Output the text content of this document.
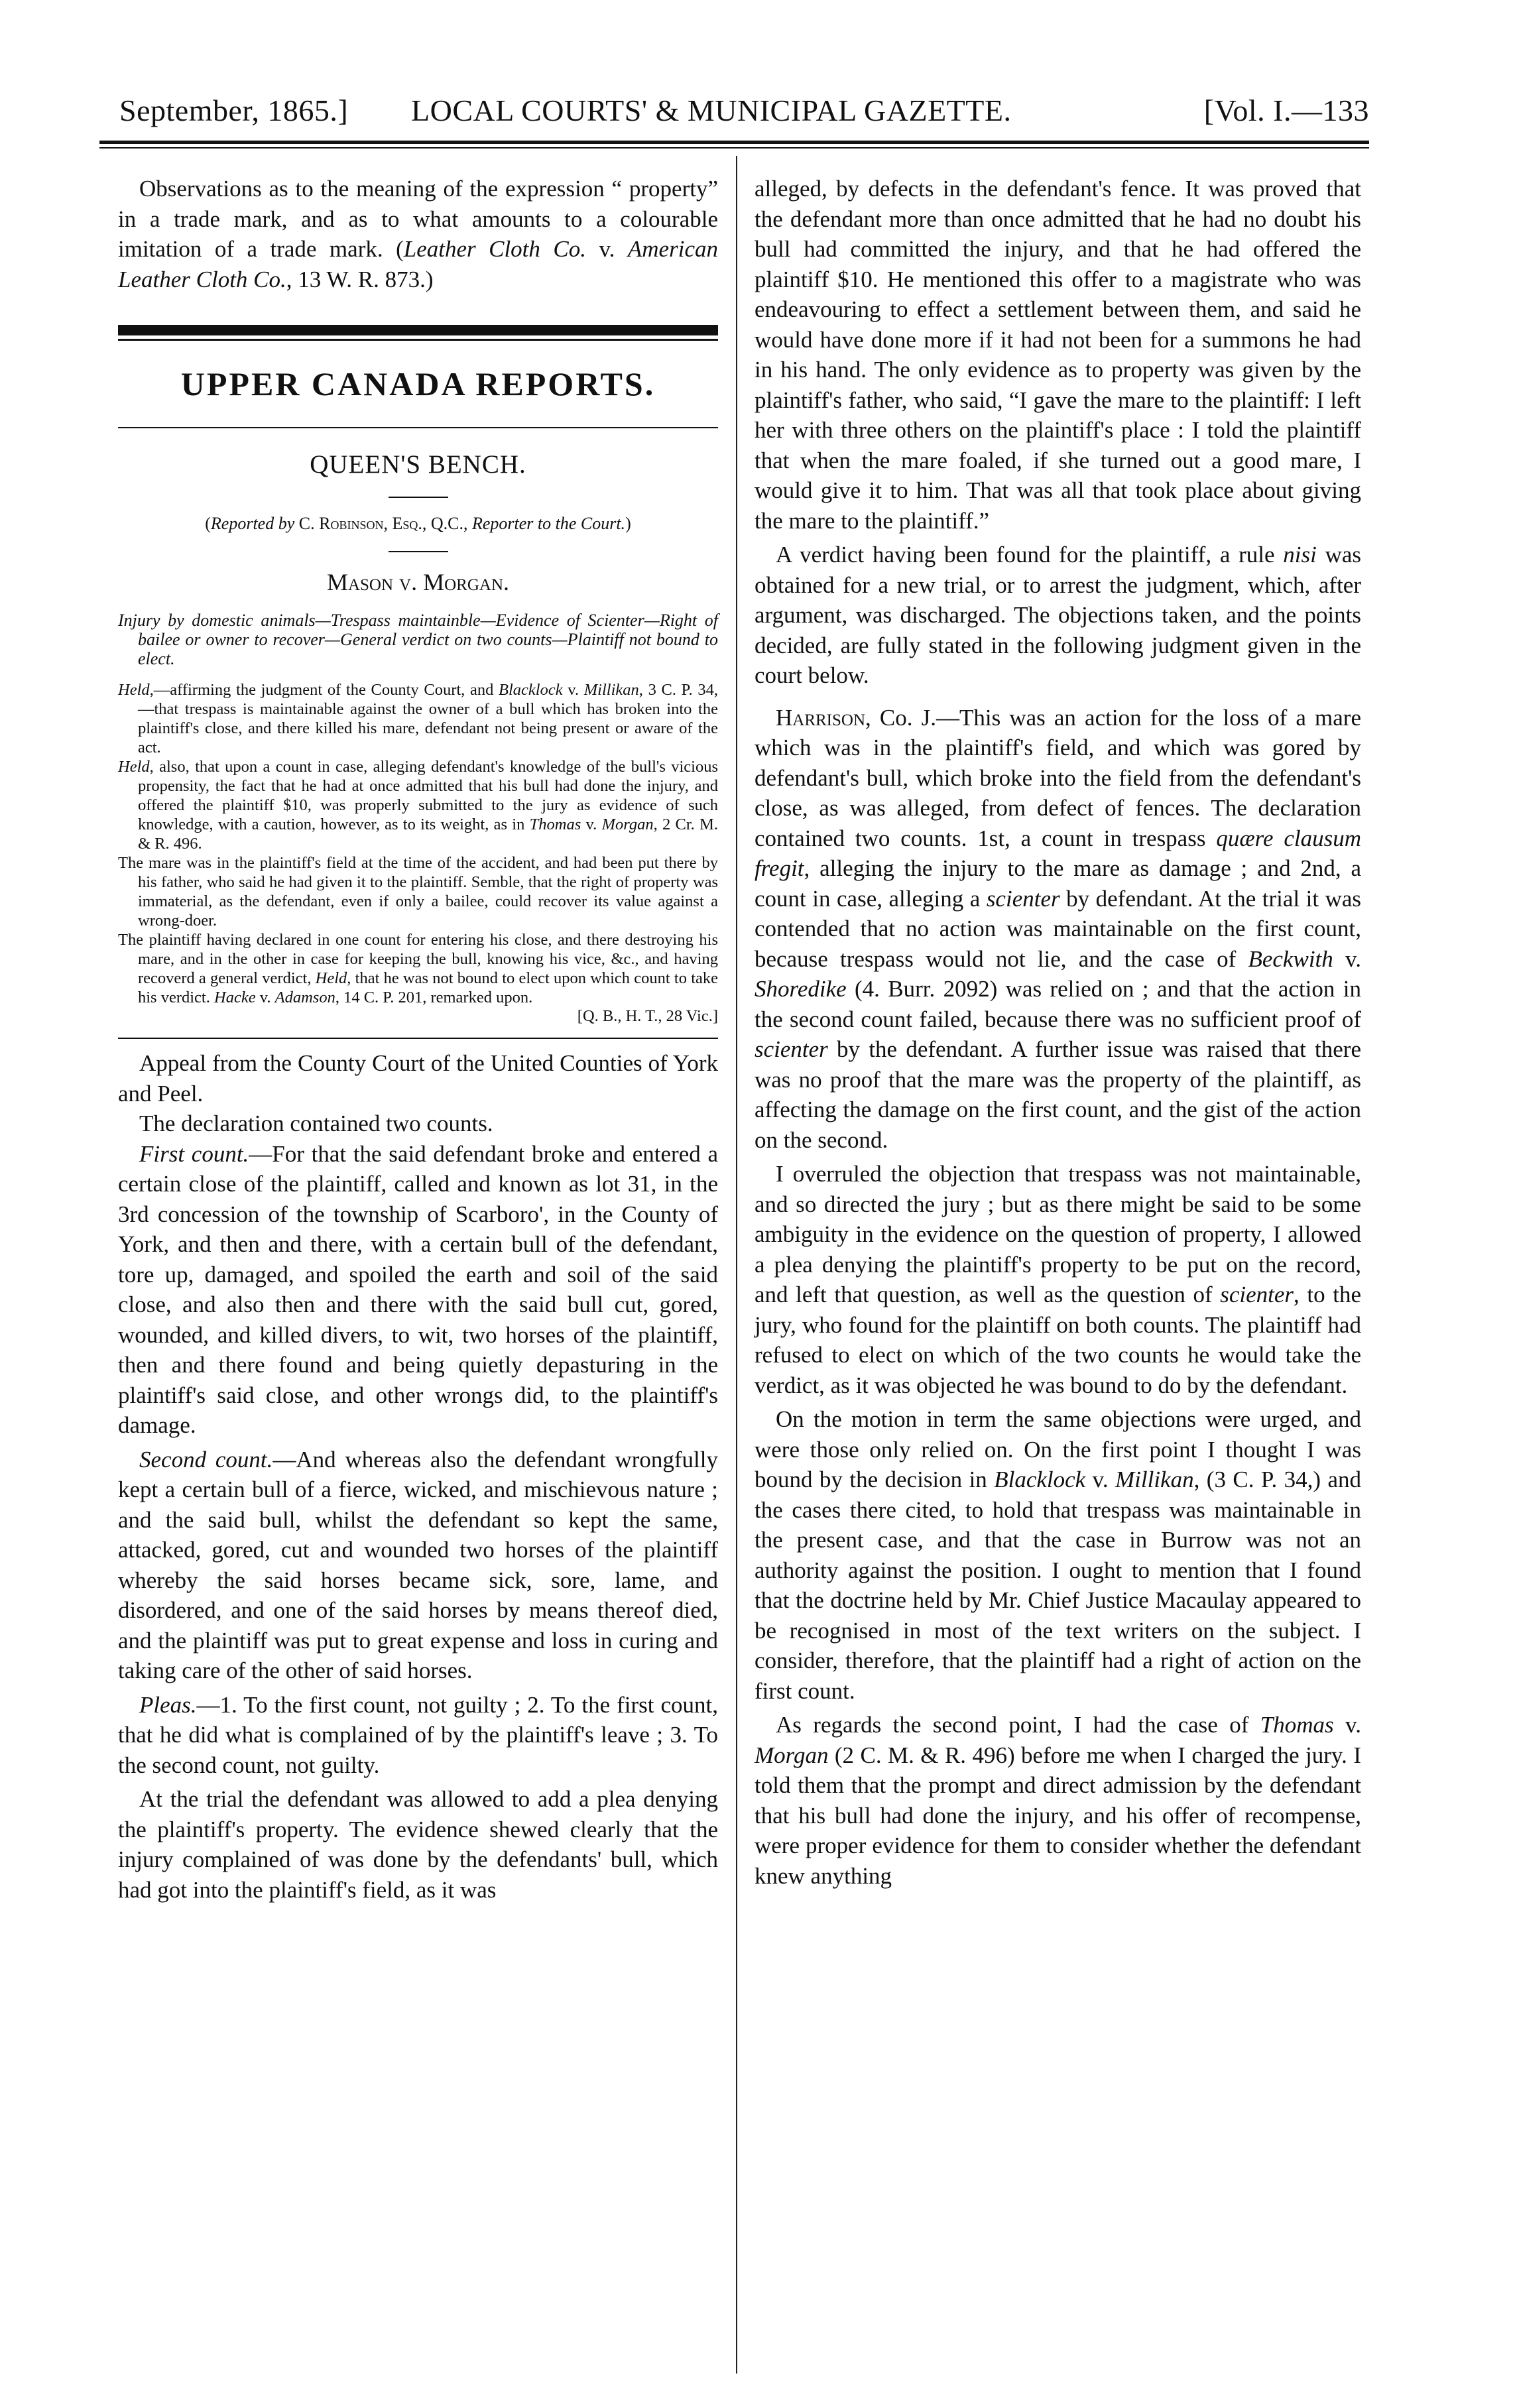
September, 1865.] LOCAL COURTS' & MUNICIPAL GAZETTE.	[Vol. I.—133

Observations as to the meaning of the expression “ property” in a trade mark, and as to what amounts to a colourable imitation of a trade mark. (Leather Cloth Co. v. American Leather Cloth Co., 13 W. R. 873.)

UPPER CANADA REPORTS.

QUEEN'S BENCH.

(Reported by C. Robinson, Esq., Q.C., Reporter to the Court.)

Mason v. Morgan.

Injury by domestic animals—Trespass maintainble—Evidence of Scienter—Right of bailee or owner to recover—General verdict on two counts—Plaintiff not bound to elect.

Held,—affirming the judgment of the County Court, and Blacklock v. Millikan, 3 C. P. 34,—that trespass is maintainable against the owner of a bull which has broken into the plaintiff's close, and there killed his mare, defendant not being present or aware of the act.

Held, also, that upon a count in case, alleging defendant's knowledge of the bull's vicious propensity, the fact that he had at once admitted that his bull had done the injury, and offered the plaintiff $10, was properly submitted to the jury as evidence of such knowledge, with a caution, however, as to its weight, as in Thomas v. Morgan, 2 Cr. M. & R. 496.

The mare was in the plaintiff's field at the time of the accident, and had been put there by his father, who said he had given it to the plaintiff. Semble, that the right of property was immaterial, as the defendant, even if only a bailee, could recover its value against a wrong-doer.

The plaintiff having declared in one count for entering his close, and there destroying his mare, and in the other in case for keeping the bull, knowing his vice, &c., and having recoverd a general verdict, Held, that he was not bound to elect upon which count to take his verdict. Hacke v. Adamson, 14 C. P. 201, remarked upon.

[Q. B., H. T., 28 Vic.]

Appeal from the County Court of the United Counties of York and Peel.

The declaration contained two counts.

First count.—For that the said defendant broke and entered a certain close of the plaintiff, called and known as lot 31, in the 3rd concession of the township of Scarboro', in the County of York, and then and there, with a certain bull of the defendant, tore up, damaged, and spoiled the earth and soil of the said close, and also then and there with the said bull cut, gored, wounded, and killed divers, to wit, two horses of the plaintiff, then and there found and being quietly depasturing in the plaintiff's said close, and other wrongs did, to the plaintiff's damage.

Second count.—And whereas also the defendant wrongfully kept a certain bull of a fierce, wicked, and mischievous nature ; and the said bull, whilst the defendant so kept the same, attacked, gored, cut and wounded two horses of the plaintiff whereby the said horses became sick, sore, lame, and disordered, and one of the said horses by means thereof died, and the plaintiff was put to great expense and loss in curing and taking care of the other of said horses.

Pleas.—1. To the first count, not guilty ; 2. To the first count, that he did what is complained of by the plaintiff's leave ; 3. To the second count, not guilty.

At the trial the defendant was allowed to add a plea denying the plaintiff's property. The evidence shewed clearly that the injury complained of was done by the defendants' bull, which had got into the plaintiff's field, as it was

alleged, by defects in the defendant's fence. It was proved that the defendant more than once admitted that he had no doubt his bull had committed the injury, and that he had offered the plaintiff $10. He mentioned this offer to a magistrate who was endeavouring to effect a settlement between them, and said he would have done more if it had not been for a summons he had in his hand. The only evidence as to property was given by the plaintiff's father, who said, “I gave the mare to the plaintiff: I left her with three others on the plaintiff's place : I told the plaintiff that when the mare foaled, if she turned out a good mare, I would give it to him. That was all that took place about giving the mare to the plaintiff.”

A verdict having been found for the plaintiff, a rule nisi was obtained for a new trial, or to arrest the judgment, which, after argument, was discharged. The objections taken, and the points decided, are fully stated in the following judgment given in the court below.

Harrison, Co. J.—This was an action for the loss of a mare which was in the plaintiff's field, and which was gored by defendant's bull, which broke into the field from the defendant's close, as was alleged, from defect of fences. The declaration contained two counts. 1st, a count in trespass quære clausum fregit, alleging the injury to the mare as damage ; and 2nd, a count in case, alleging a scienter by defendant. At the trial it was contended that no action was maintainable on the first count, because trespass would not lie, and the case of Beckwith v. Shoredike (4. Burr. 2092) was relied on ; and that the action in the second count failed, because there was no sufficient proof of scienter by the defendant. A further issue was raised that there was no proof that the mare was the property of the plaintiff, as affecting the damage on the first count, and the gist of the action on the second.

I overruled the objection that trespass was not maintainable, and so directed the jury ; but as there might be said to be some ambiguity in the evidence on the question of property, I allowed a plea denying the plaintiff's property to be put on the record, and left that question, as well as the question of scienter, to the jury, who found for the plaintiff on both counts. The plaintiff had refused to elect on which of the two counts he would take the verdict, as it was objected he was bound to do by the defendant.

On the motion in term the same objections were urged, and were those only relied on. On the first point I thought I was bound by the decision in Blacklock v. Millikan, (3 C. P. 34,) and the cases there cited, to hold that trespass was maintainable in the present case, and that the case in Burrow was not an authority against the position. I ought to mention that I found that the doctrine held by Mr. Chief Justice Macaulay appeared to be recognised in most of the text writers on the subject. I consider, therefore, that the plaintiff had a right of action on the first count.

As regards the second point, I had the case of Thomas v. Morgan (2 C. M. & R. 496) before me when I charged the jury. I told them that the prompt and direct admission by the defendant that his bull had done the injury, and his offer of recompense, were proper evidence for them to consider whether the defendant knew anything
